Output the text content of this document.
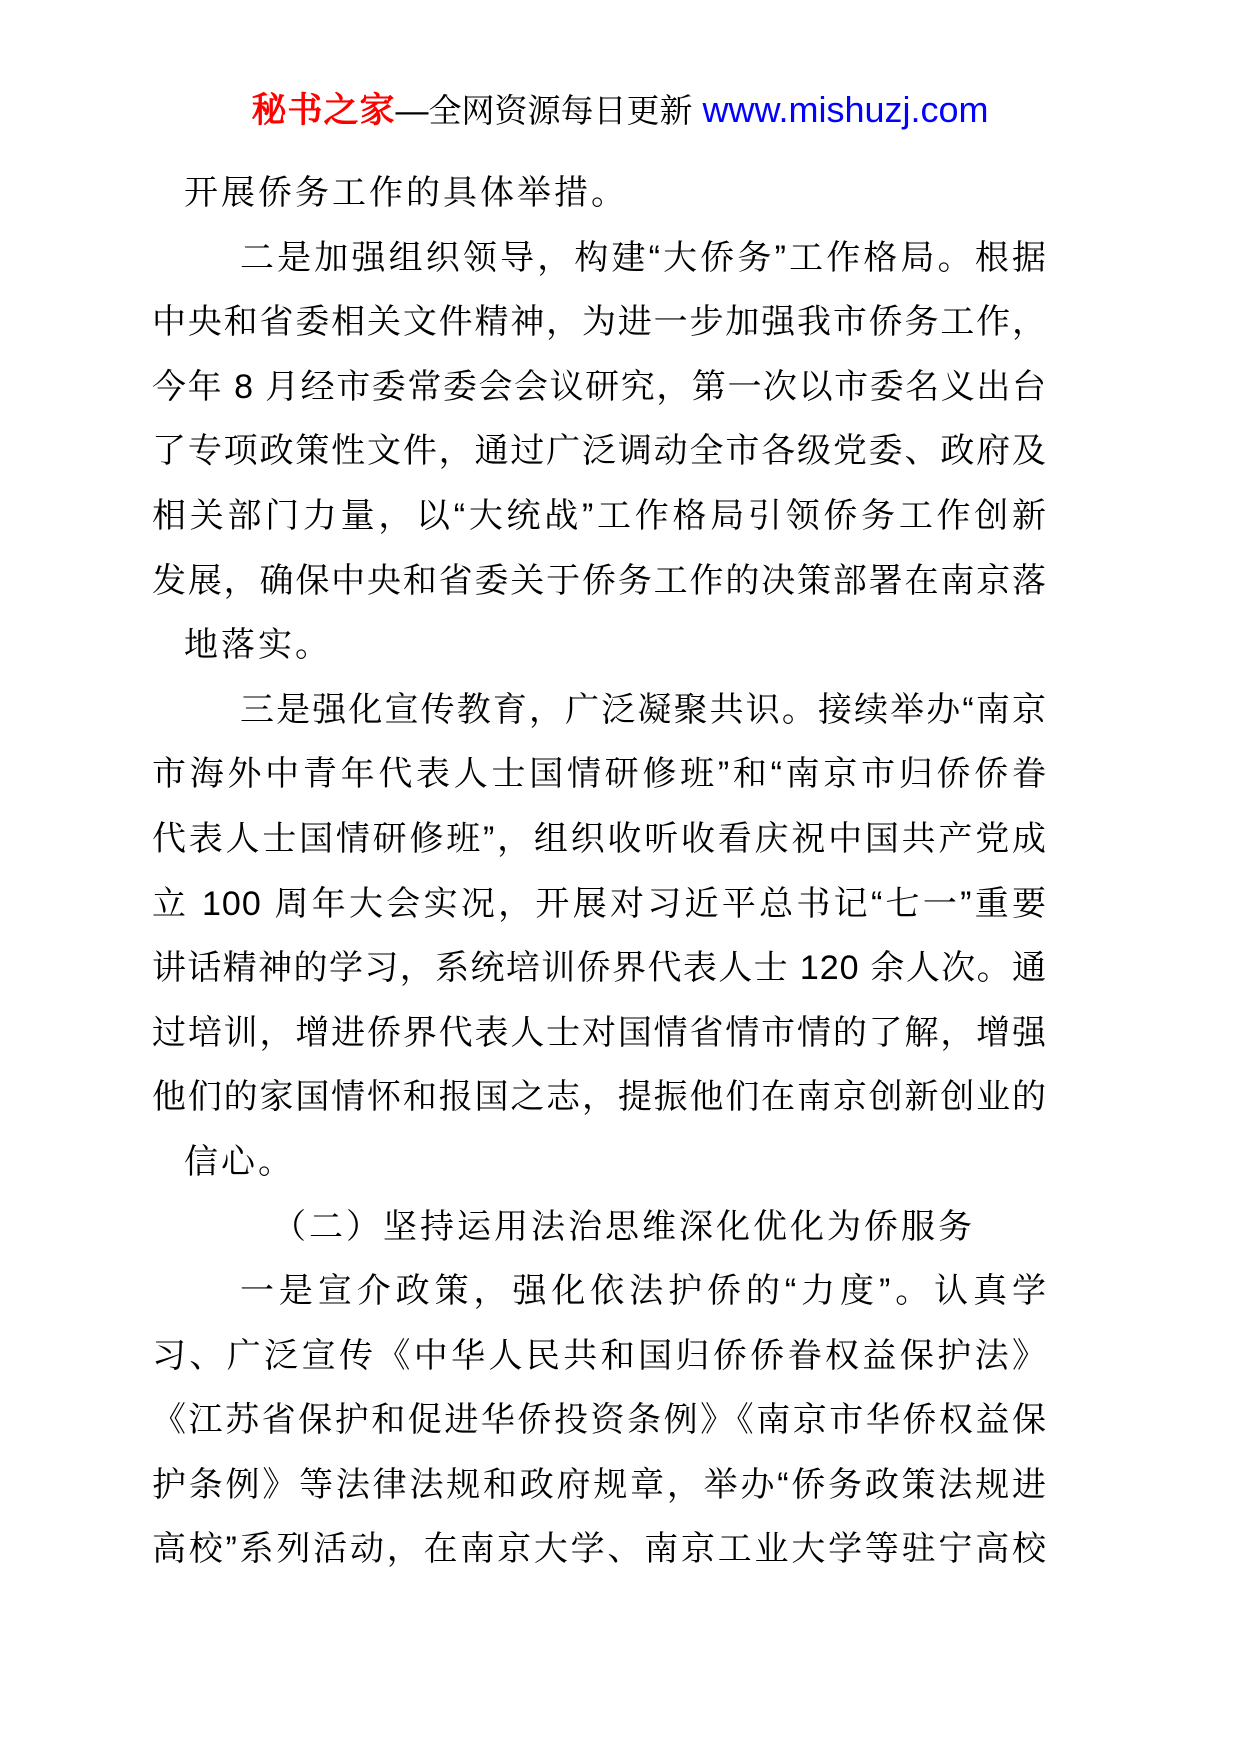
秘书之家—全网资源每日更新 www.mishuzj.com
开展侨务工作的具体举措。
二是加强组织领导，构建“大侨务”工作格局。根据
中央和省委相关文件精神，为进一步加强我市侨务工作，
今年 8 月经市委常委会会议研究，第一次以市委名义出台
了专项政策性文件，通过广泛调动全市各级党委、政府及
相关部门力量，以“大统战”工作格局引领侨务工作创新
发展，确保中央和省委关于侨务工作的决策部署在南京落
地落实。
三是强化宣传教育，广泛凝聚共识。接续举办“南京
市海外中青年代表人士国情研修班”和“南京市归侨侨眷
代表人士国情研修班”，组织收听收看庆祝中国共产党成
立 100 周年大会实况，开展对习近平总书记“七一”重要
讲话精神的学习，系统培训侨界代表人士 120 余人次。通
过培训，增进侨界代表人士对国情省情市情的了解，增强
他们的家国情怀和报国之志，提振他们在南京创新创业的
信心。
（二）坚持运用法治思维深化优化为侨服务
一是宣介政策，强化依法护侨的“力度”。认真学
习、广泛宣传《中华人民共和国归侨侨眷权益保护法》
《江苏省保护和促进华侨投资条例》《南京市华侨权益保
护条例》等法律法规和政府规章，举办“侨务政策法规进
高校”系列活动，在南京大学、南京工业大学等驻宁高校
